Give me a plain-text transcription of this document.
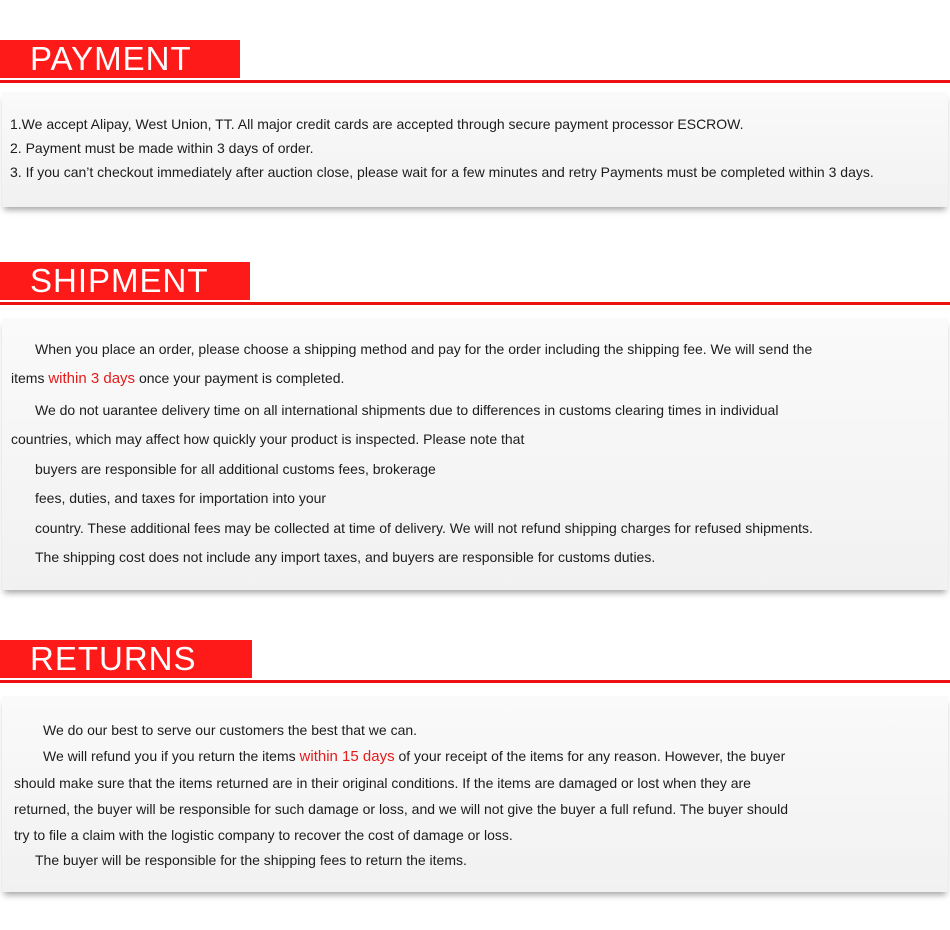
PAYMENT
1.We accept Alipay, West Union, TT. All major credit cards are accepted through secure payment processor ESCROW.
2. Payment must be made within 3 days of order.
3. If you can’t checkout immediately after auction close, please wait for a few minutes and retry Payments must be completed within 3 days.
SHIPMENT
When you place an order, please choose a shipping method and pay for the order including the shipping fee. We will send the
items within 3 days once your payment is completed.
We do not uarantee delivery time on all international shipments due to differences in customs clearing times in individual
countries, which may affect how quickly your product is inspected. Please note that
buyers are responsible for all additional customs fees, brokerage
fees, duties, and taxes for importation into your
country. These additional fees may be collected at time of delivery. We will not refund shipping charges for refused shipments.
The shipping cost does not include any import taxes, and buyers are responsible for customs duties.
RETURNS
We do our best to serve our customers the best that we can.
We will refund you if you return the items within 15 days of your receipt of the items for any reason. However, the buyer
should make sure that the items returned are in their original conditions. If the items are damaged or lost when they are
returned, the buyer will be responsible for such damage or loss, and we will not give the buyer a full refund. The buyer should
try to file a claim with the logistic company to recover the cost of damage or loss.
The buyer will be responsible for the shipping fees to return the items.
